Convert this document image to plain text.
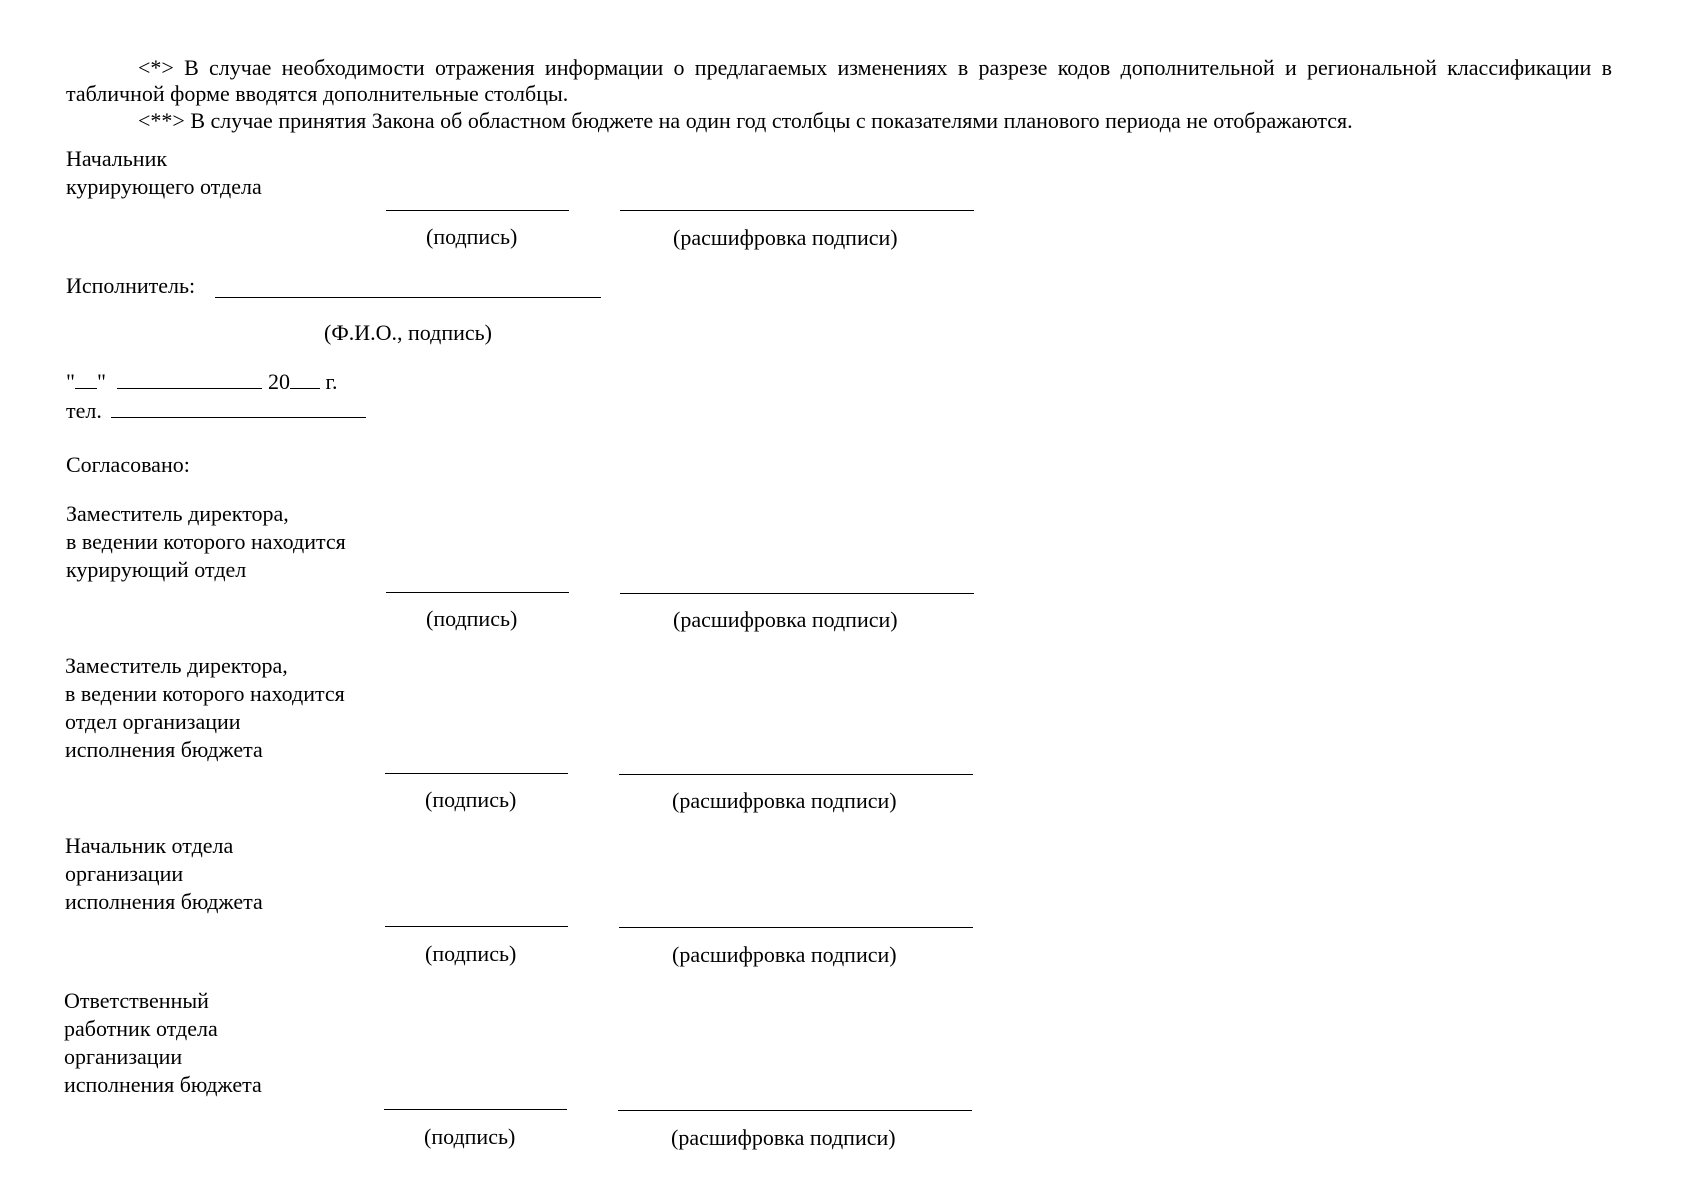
<*> В случае необходимости отражения информации о предлагаемых изменениях в разрезе кодов дополнительной и региональной классификации в табличной форме вводятся дополнительные столбцы.
<**> В случае принятия Закона об областном бюджете на один год столбцы с показателями планового периода не отображаются.
Начальник
курирующего отдела
(подпись)	(расшифровка подписи)
Исполнитель:
(Ф.И.О., подпись)
" "	20 г.
тел.
Согласовано:
Заместитель директора,
в ведении которого находится
курирующий отдел
(подпись)	(расшифровка подписи)
Заместитель директора,
в ведении которого находится
отдел организации
исполнения бюджета
(подпись)	(расшифровка подписи)
Начальник отдела
организации
исполнения бюджета
(подпись)	(расшифровка подписи)
Ответственный
работник отдела
организации
исполнения бюджета
(подпись)	(расшифровка подписи)
